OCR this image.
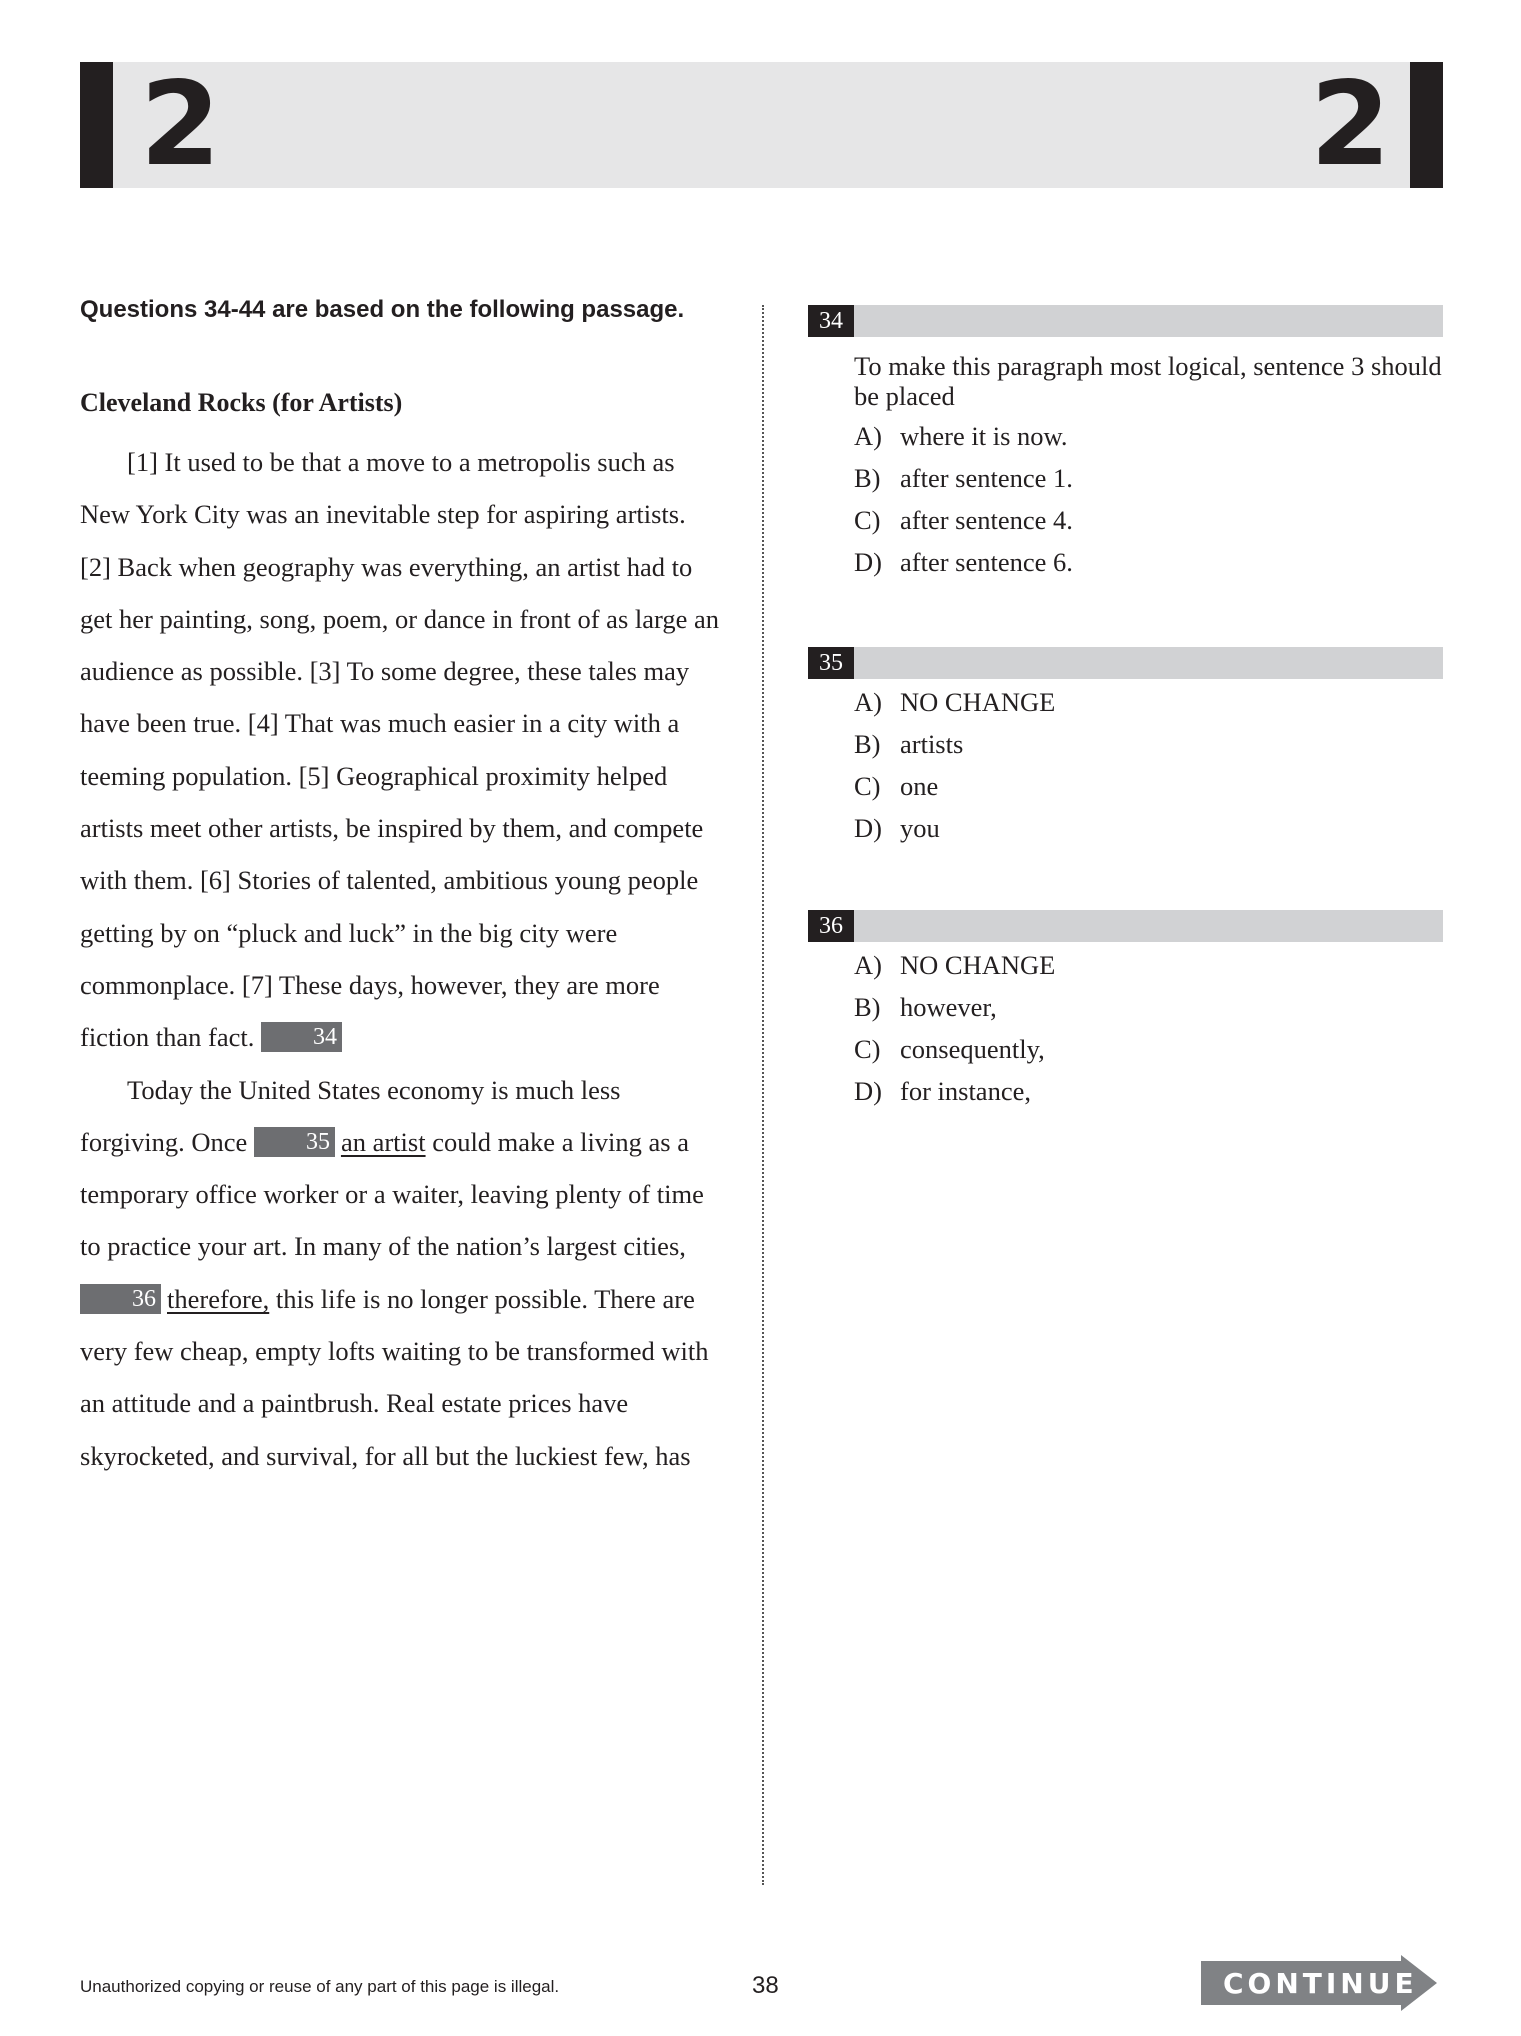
2	2
Questions 34-44 are based on the following passage.
Cleveland Rocks (for Artists)

[1] It used to be that a move to a metropolis such as New York City was an inevitable step for aspiring artists. [2] Back when geography was everything, an artist had to get her painting, song, poem, or dance in front of as large an audience as possible. [3] To some degree, these tales may have been true. [4] That was much easier in a city with a teeming population. [5] Geographical proximity helped artists meet other artists, be inspired by them, and compete with them. [6] Stories of talented, ambitious young people getting by on “pluck and luck” in the big city were commonplace. [7] These days, however, they are more fiction than fact. 34

Today the United States economy is much less forgiving. Once 35 an artist could make a living as a temporary office worker or a waiter, leaving plenty of time to practice your art. In many of the nation’s largest cities, 36 therefore, this life is no longer possible. There are very few cheap, empty lofts waiting to be transformed with an attitude and a paintbrush. Real estate prices have skyrocketed, and survival, for all but the luckiest few, has

34
To make this paragraph most logical, sentence 3 should be placed
A) where it is now.
B) after sentence 1.
C) after sentence 4.
D) after sentence 6.
35
A) NO CHANGE
B) artists
C) one
D) you
36
A) NO CHANGE
B) however,
C) consequently,
D) for instance,
Unauthorized copying or reuse of any part of this page is illegal.	38	CONTINUE
